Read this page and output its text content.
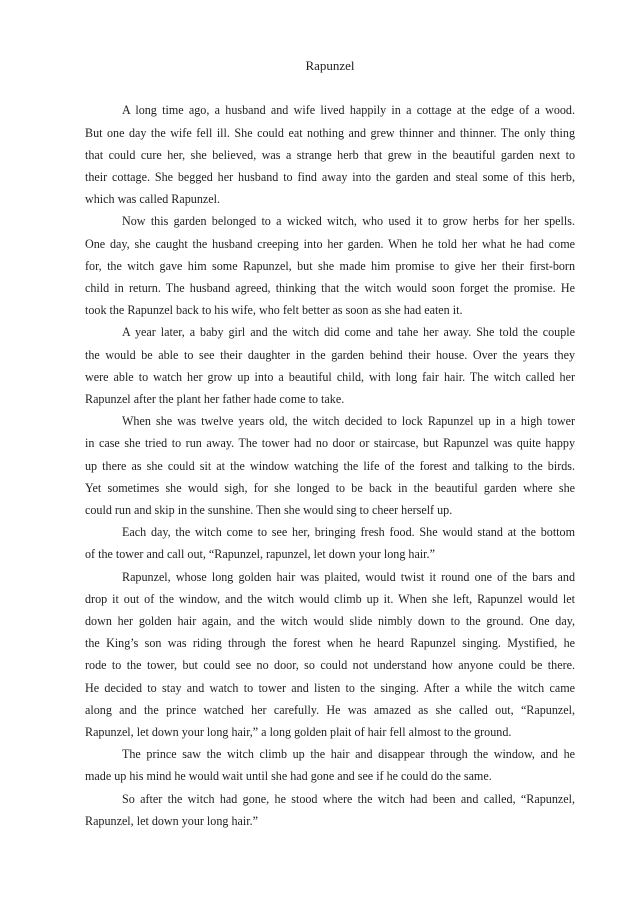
Rapunzel
A long time ago, a husband and wife lived happily in a cottage at the edge of a wood.
But one day the wife fell ill. She could eat nothing and grew thinner and thinner. The only thing
that could cure her, she believed, was a strange herb that grew in the beautiful garden next to
their cottage. She begged her husband to find away into the garden and steal some of this herb,
which was called Rapunzel.
Now this garden belonged to a wicked witch, who used it to grow herbs for her spells.
One day, she caught the husband creeping into her garden. When he told her what he had come
for, the witch gave him some Rapunzel, but she made him promise to give her their first-born
child in return. The husband agreed, thinking that the witch would soon forget the promise. He
took the Rapunzel back to his wife, who felt better as soon as she had eaten it.
A year later, a baby girl and the witch did come and tahe her away. She told the couple
the would be able to see their daughter in the garden behind their house. Over the years they
were able to watch her grow up into a beautiful child, with long fair hair. The witch called her
Rapunzel after the plant her father hade come to take.
When she was twelve years old, the witch decided to lock Rapunzel up in a high tower
in case she tried to run away. The tower had no door or staircase, but Rapunzel was quite happy
up there as she could sit at the window watching the life of the forest and talking to the birds.
Yet sometimes she would sigh, for she longed to be back in the beautiful garden where she
could run and skip in the sunshine. Then she would sing to cheer herself up.
Each day, the witch come to see her, bringing fresh food. She would stand at the bottom
of the tower and call out, “Rapunzel, rapunzel, let down your long hair.”
Rapunzel, whose long golden hair was plaited, would twist it round one of the bars and
drop it out of the window, and the witch would climb up it. When she left, Rapunzel would let
down her golden hair again, and the witch would slide nimbly down to the ground. One day,
the King’s son was riding through the forest when he heard Rapunzel singing. Mystified, he
rode to the tower, but could see no door, so could not understand how anyone could be there.
He decided to stay and watch to tower and listen to the singing. After a while the witch came
along and the prince watched her carefully. He was amazed as she called out, “Rapunzel,
Rapunzel, let down your long hair,” a long golden plait of hair fell almost to the ground.
The prince saw the witch climb up the hair and disappear through the window, and he
made up his mind he would wait until she had gone and see if he could do the same.
So after the witch had gone, he stood where the witch had been and called, “Rapunzel,
Rapunzel, let down your long hair.”
